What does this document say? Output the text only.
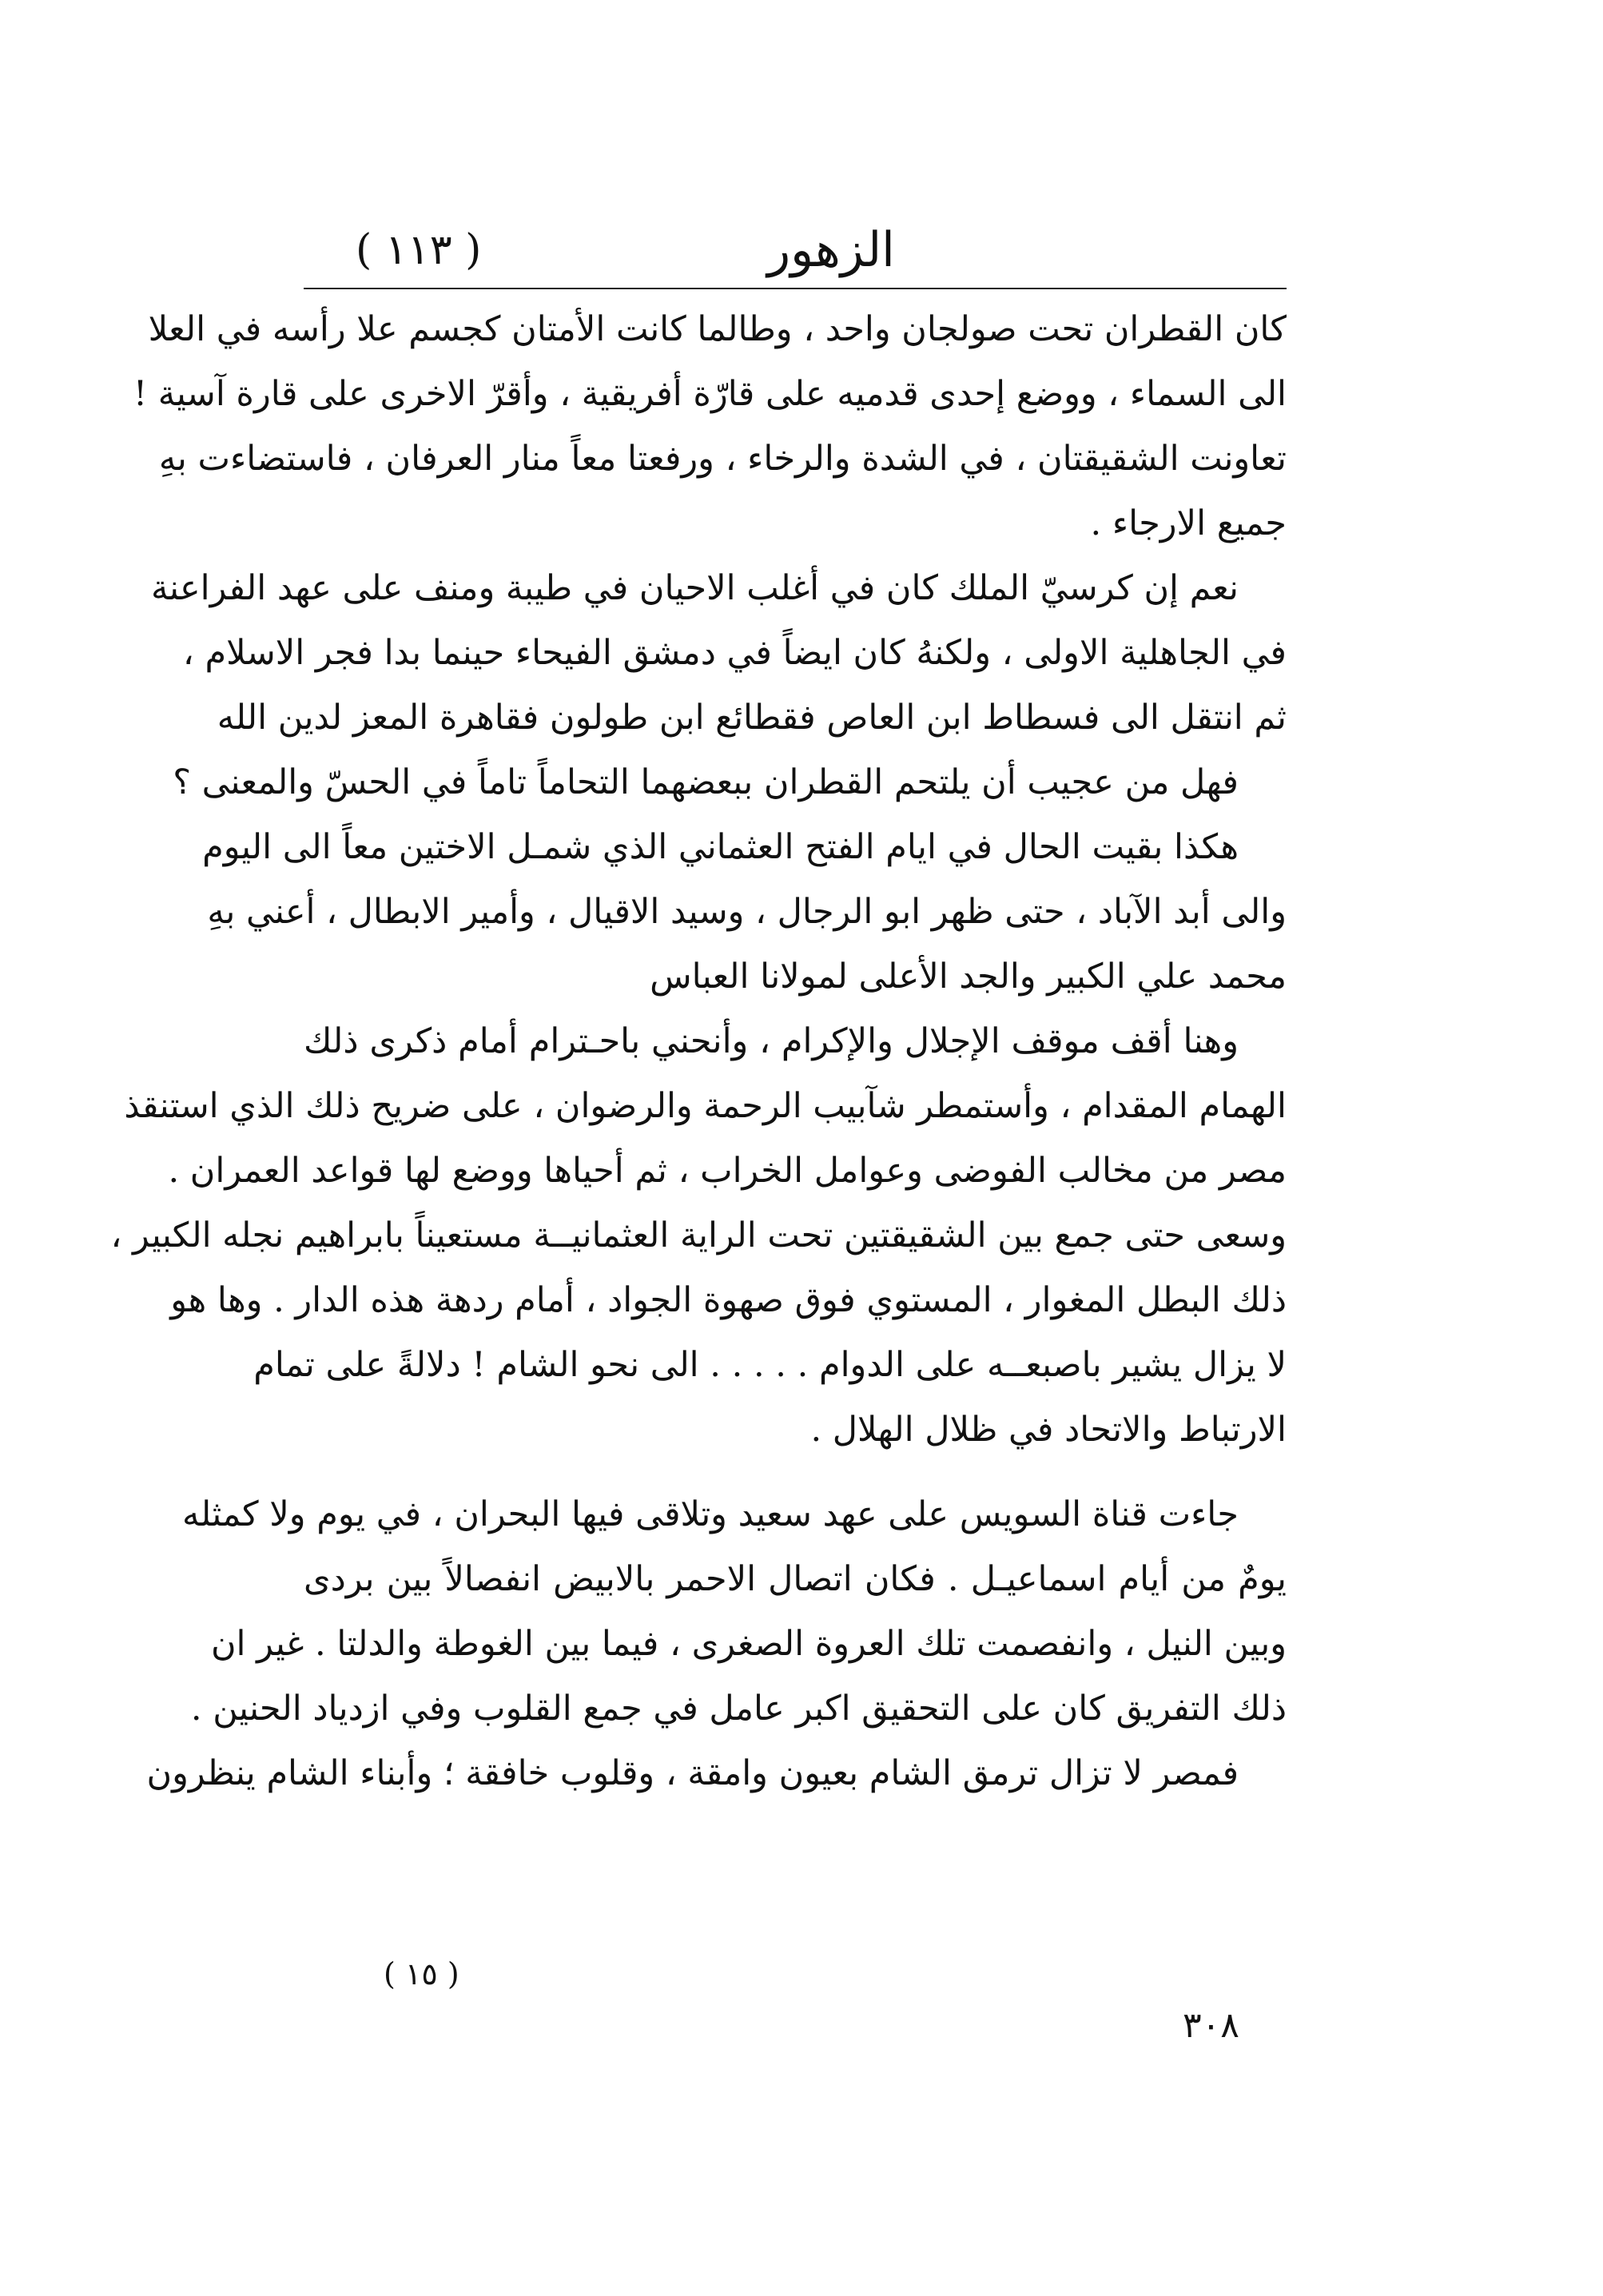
الزهور
( ١١٣ )
كان القطران تحت صولجان واحد ، وطالما كانت الأمتان كجسم علا رأسه في العلا
الى السماء ، ووضع إحدى قدميه على قارّة أفريقية ، وأقرّ الاخرى على قارة آسية !
تعاونت الشقيقتان ، في الشدة والرخاء ، ورفعتا معاً منار العرفان ، فاستضاءت بهِ
جميع الارجاء .
نعم إن كرسيّ الملك كان في أغلب الاحيان في طيبة ومنف على عهد الفراعنة
في الجاهلية الاولى ، ولكنهُ كان ايضاً في دمشق الفيحاء حينما بدا فجر الاسلام ،
ثم انتقل الى فسطاط ابن العاص فقطائع ابن طولون فقاهرة المعز لدين الله
فهل من عجيب أن يلتحم القطران ببعضهما التحاماً تاماً في الحسّ والمعنى ؟
هكذا بقيت الحال في ايام الفتح العثماني الذي شمـل الاختين معاً الى اليوم
والى أبد الآباد ، حتى ظهر ابو الرجال ، وسيد الاقيال ، وأمير الابطال ، أعني بهِ
محمد علي الكبير والجد الأعلى لمولانا العباس
وهنا أقف موقف الإجلال والإكرام ، وأنحني باحـترام أمام ذكرى ذلك
الهمام المقدام ، وأستمطر شآبيب الرحمة والرضوان ، على ضريح ذلك الذي استنقذ
مصر من مخالب الفوضى وعوامل الخراب ، ثم أحياها ووضع لها قواعد العمران .
وسعى حتى جمع بين الشقيقتين تحت الراية العثمانيــة مستعيناً بابراهيم نجله الكبير ،
ذلك البطل المغوار ، المستوي فوق صهوة الجواد ، أمام ردهة هذه الدار . وها هو
لا يزال يشير باصبعــه على الدوام . . . . . الى نحو الشام ! دلالةً على تمام
الارتباط والاتحاد في ظلال الهلال .
جاءت قناة السويس على عهد سعيد وتلاقى فيها البحران ، في يوم ولا كمثله
يومٌ من أيام اسماعيـل . فكان اتصال الاحمر بالابيض انفصالاً بين بردى
وبين النيل ، وانفصمت تلك العروة الصغرى ، فيما بين الغوطة والدلتا . غير ان
ذلك التفريق كان على التحقيق اكبر عامل في جمع القلوب وفي ازدياد الحنين .
فمصر لا تزال ترمق الشام بعيون وامقة ، وقلوب خافقة ؛ وأبناء الشام ينظرون
( ١٥ )
٣٠٨
